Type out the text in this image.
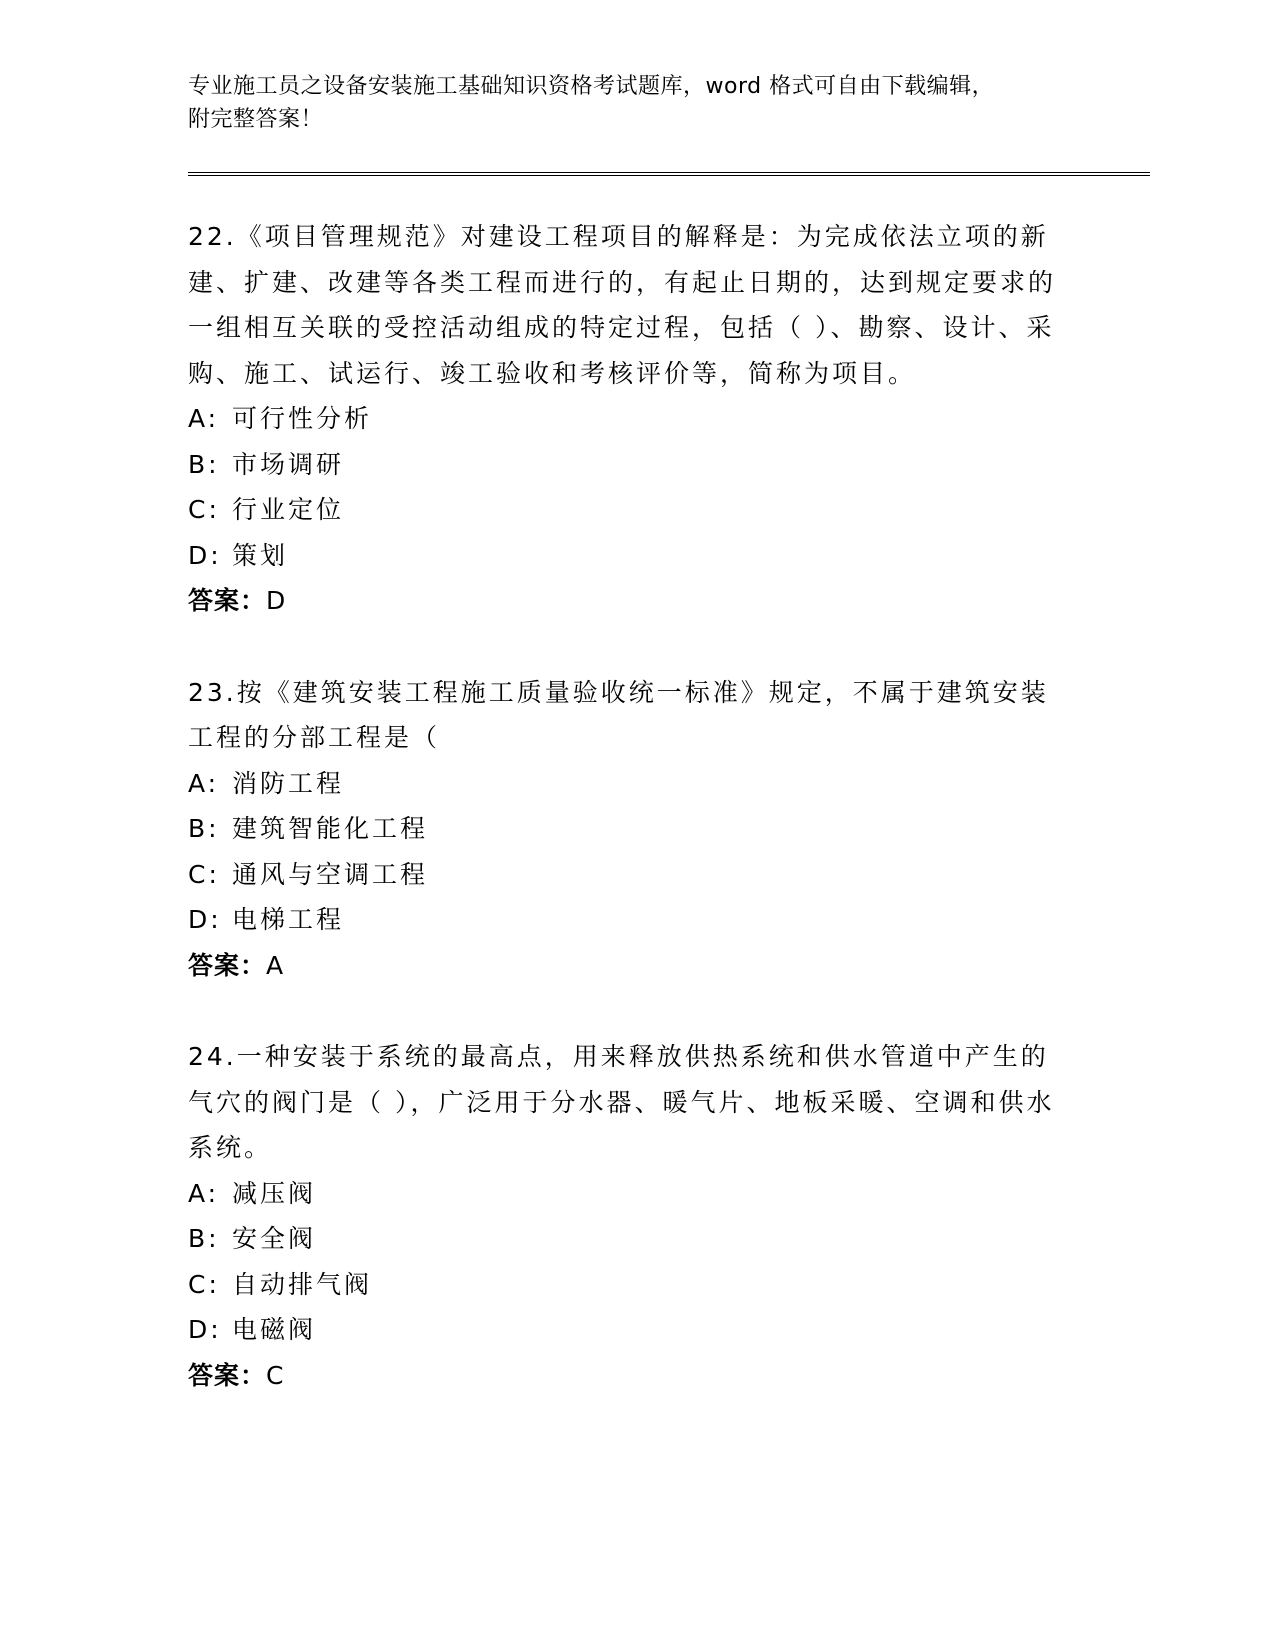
专业施工员之设备安装施工基础知识资格考试题库，word 格式可自由下载编辑，
附完整答案！

22.《项目管理规范》对建设工程项目的解释是：为完成依法立项的新建、扩建、改建等各类工程而进行的，有起止日期的，达到规定要求的一组相互关联的受控活动组成的特定过程，包括（ ）、勘察、设计、采购、施工、试运行、竣工验收和考核评价等，简称为项目。

A: 可行性分析
B: 市场调研
C: 行业定位
D: 策划
答案：D

23.按《建筑安装工程施工质量验收统一标准》规定，不属于建筑安装工程的分部工程是（

A: 消防工程
B: 建筑智能化工程
C: 通风与空调工程
D: 电梯工程
答案：A

24.一种安装于系统的最高点，用来释放供热系统和供水管道中产生的气穴的阀门是（ ），广泛用于分水器、暖气片、地板采暖、空调和供水系统。

A: 减压阀
B: 安全阀
C: 自动排气阀
D: 电磁阀
答案：C
